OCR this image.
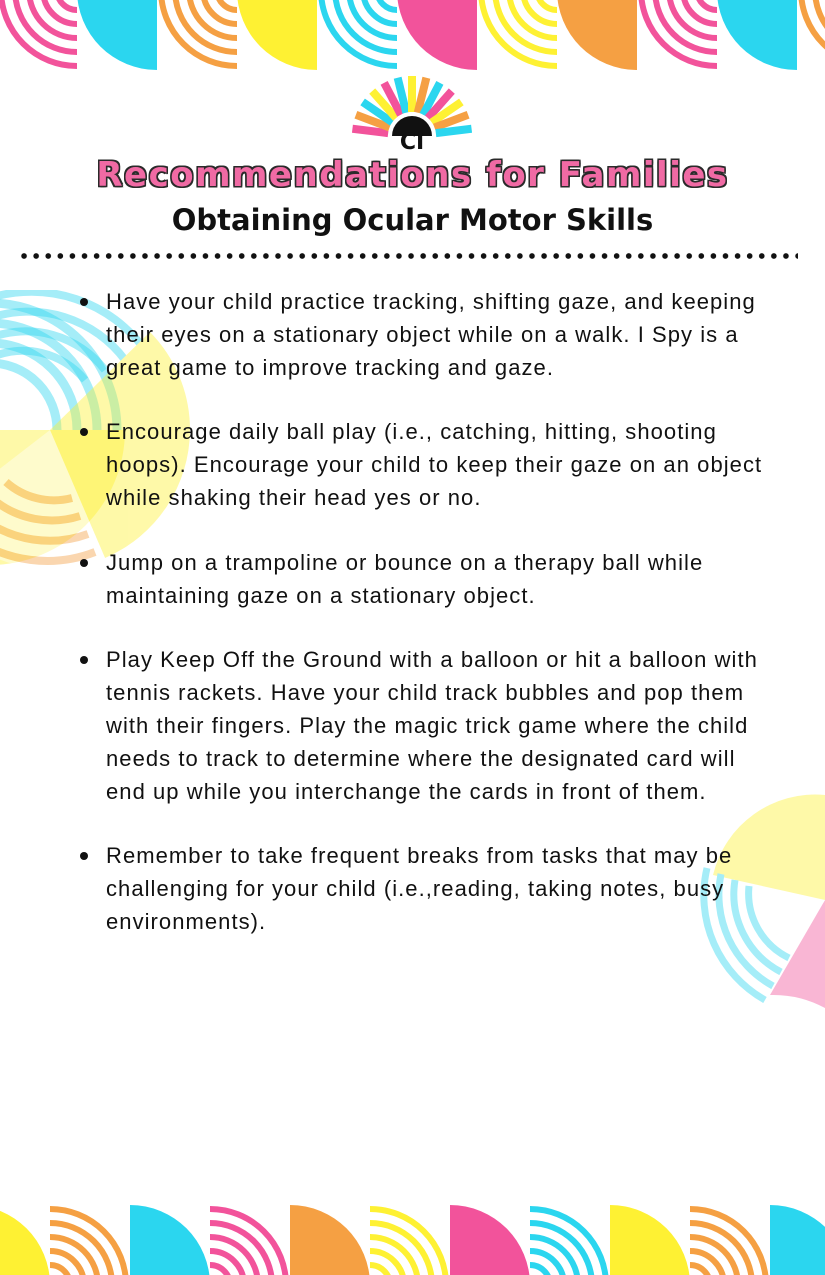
CI
Recommendations for Families
Obtaining Ocular Motor Skills
Have your child practice tracking, shifting gaze, and keeping their eyes on a stationary object while on a walk. I Spy is a great game to improve tracking and gaze.
Encourage daily ball play (i.e., catching, hitting, shooting hoops). Encourage your child to keep their gaze on an object while shaking their head yes or no.
Jump on a trampoline or bounce on a therapy ball while maintaining gaze on a stationary object.
Play Keep Off the Ground with a balloon or hit a balloon with tennis rackets. Have your child track bubbles and pop them with their fingers. Play the magic trick game where the child needs to track to determine where the designated card will end up while you interchange the cards in front of them.
Remember to take frequent breaks from tasks that may be challenging for your child (i.e.,reading, taking notes, busy environments).
